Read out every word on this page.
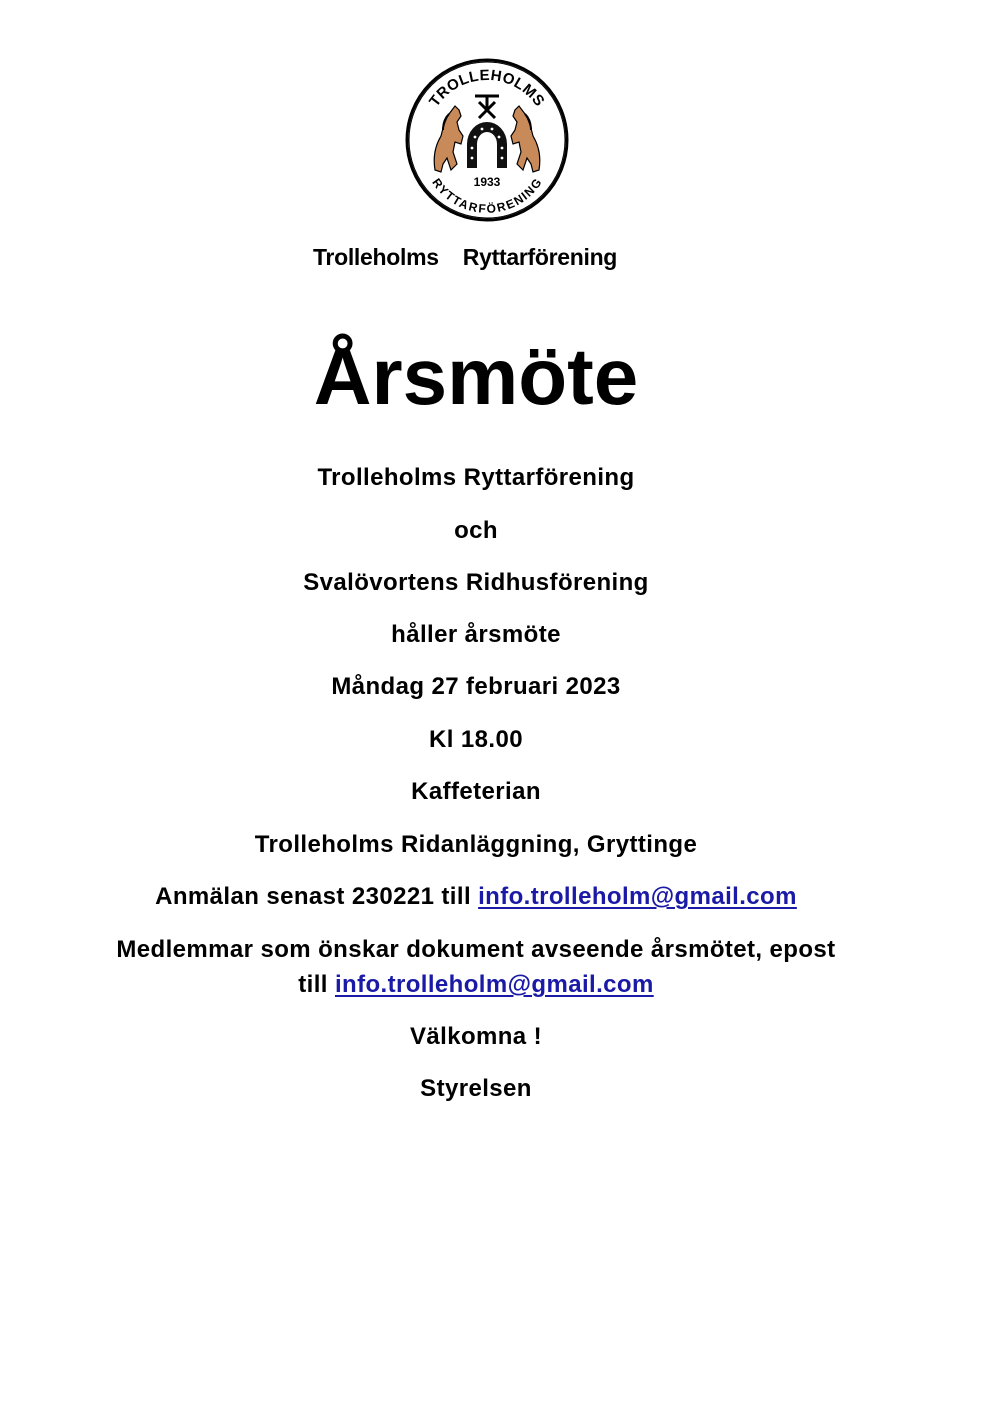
TROLLEHOLMS
RYTTARFÖRENING
1933
Trolleholms Ryttarförening
Årsmöte
Trolleholms Ryttarförening
och
Svalövortens Ridhusförening
håller årsmöte
Måndag 27 februari 2023
Kl 18.00
Kaffeterian
Trolleholms Ridanläggning, Gryttinge
Anmälan senast 230221 till info.trolleholm@gmail.com
Medlemmar som önskar dokument avseende årsmötet, epost
till info.trolleholm@gmail.com
Välkomna !
Styrelsen
